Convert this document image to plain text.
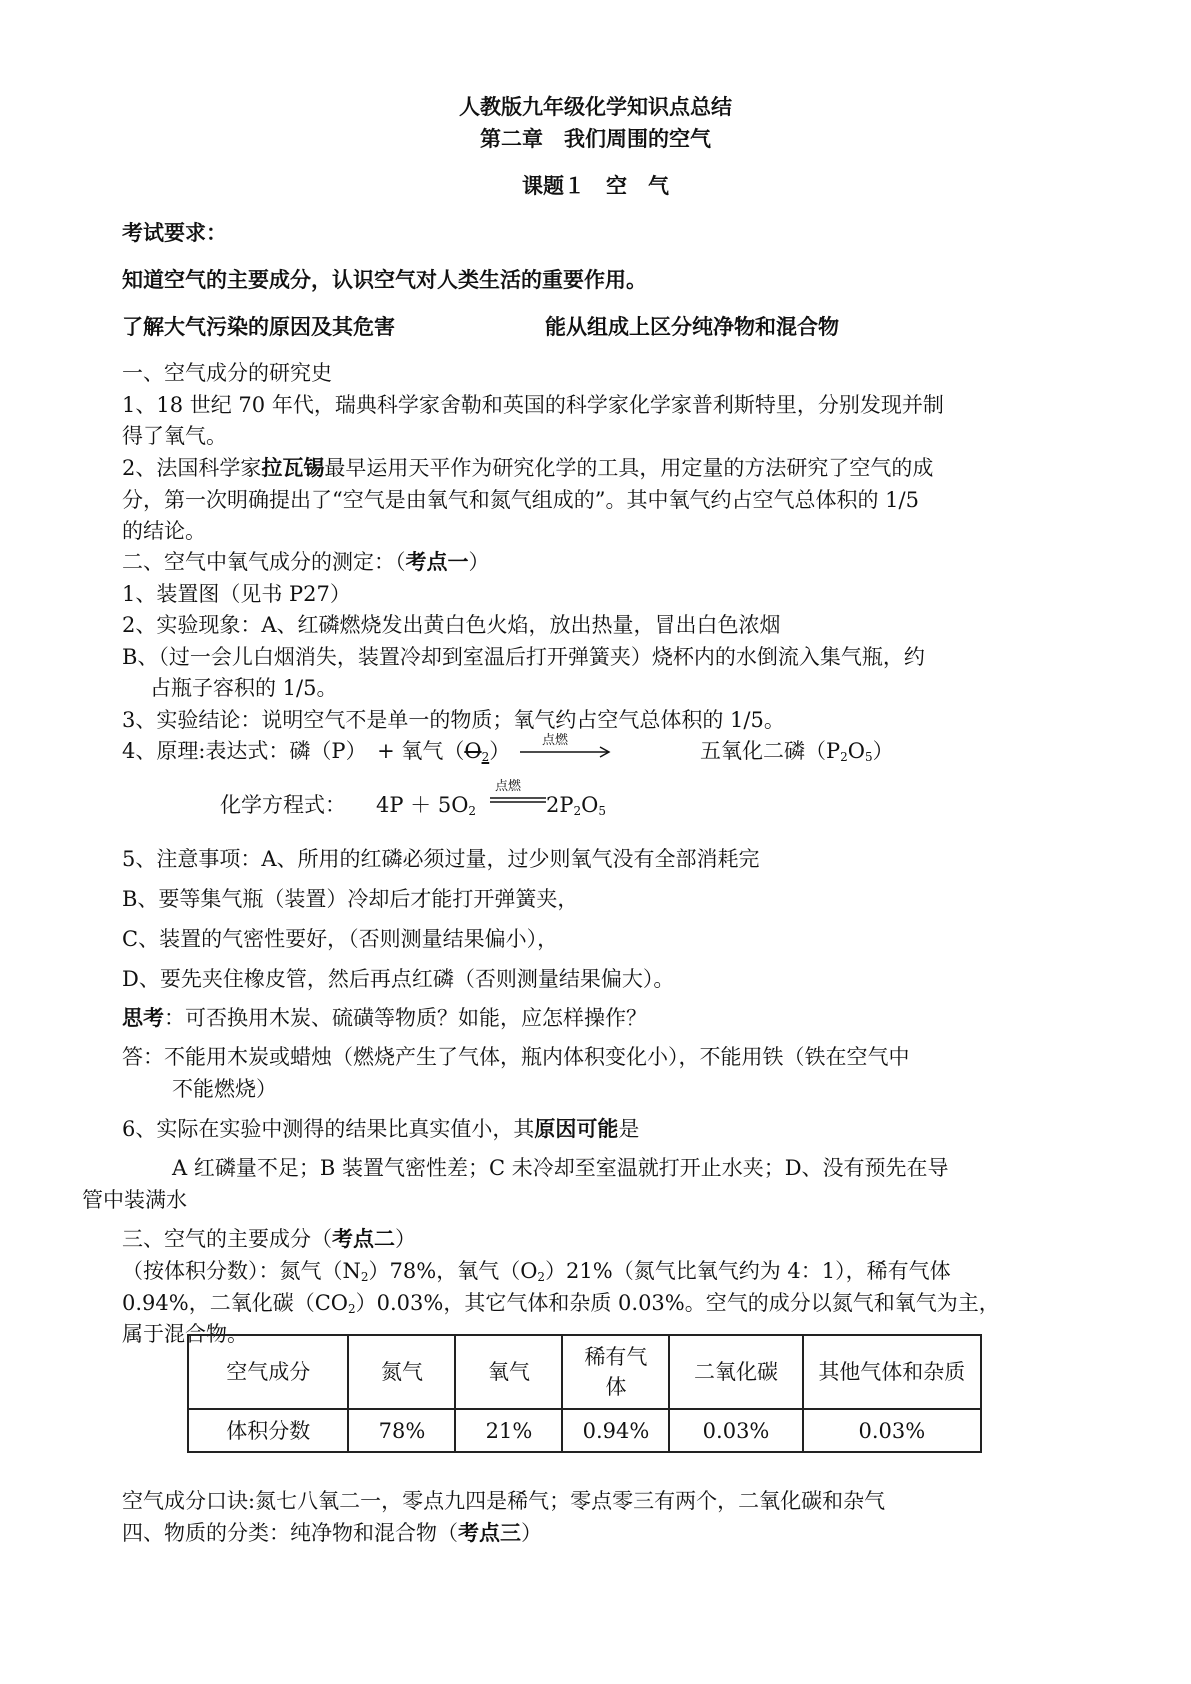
人教版九年级化学知识点总结
第二章　我们周围的空气
课题１　空　气
考试要求：
知道空气的主要成分，认识空气对人类生活的重要作用。
了解大气污染的原因及其危害	能从组成上区分纯净物和混合物
一、空气成分的研究史
1、18 世纪 70 年代，瑞典科学家舍勒和英国的科学家化学家普利斯特里，分别发现并制
得了氧气。
2、法国科学家拉瓦锡最早运用天平作为研究化学的工具，用定量的方法研究了空气的成
分，第一次明确提出了“空气是由氧气和氮气组成的”。其中氧气约占空气总体积的 1/5
的结论。
二、空气中氧气成分的测定：（考点一）
1、装置图（见书 P27）
2、实验现象：A、红磷燃烧发出黄白色火焰，放出热量，冒出白色浓烟
B、（过一会儿白烟消失，装置冷却到室温后打开弹簧夹）烧杯内的水倒流入集气瓶，约
占瓶子容积的 1/5。
3、实验结论：说明空气不是单一的物质；氧气约占空气总体积的 1/5。
4、原理:表达式：磷（P）　+ 氧气$(O_2)$ 点燃	五氧化二磷$(P_2O_5)$
化学方程式： $4P + 5O_2$
点燃
$2P_2O_5$
5、注意事项：A、所用的红磷必须过量，过少则氧气没有全部消耗完
B、要等集气瓶（装置）冷却后才能打开弹簧夹，
C、装置的气密性要好，（否则测量结果偏小），
D、要先夹住橡皮管，然后再点红磷（否则测量结果偏大）。
思考：可否换用木炭、硫磺等物质？如能，应怎样操作？
答：不能用木炭或蜡烛（燃烧产生了气体，瓶内体积变化小），不能用铁（铁在空气中
不能燃烧）
6、实际在实验中测得的结果比真实值小，其原因可能是
A 红磷量不足；B 装置气密性差；C 未冷却至室温就打开止水夹；D、没有预先在导
管中装满水
三、空气的主要成分（考点二）
（按体积分数）：氮气$(N_2)78\%$，氧气$(O_2)21\%$（氮气比氧气约为 4：1），稀有气体
0.94%，二氧化碳$(CO_2)0.03\%$，其它气体和杂质 0.03%。空气的成分以氮气和氧气为主，
属于混合物。
空气成分	氮气	氧气	稀有气体	二氧化碳	其他气体和杂质

体积分数	78%	21%	0.94%	0.03%	0.03%
空气成分口诀:氮七八氧二一，零点九四是稀气；零点零三有两个，二氧化碳和杂气
四、物质的分类：纯净物和混合物（考点三）
